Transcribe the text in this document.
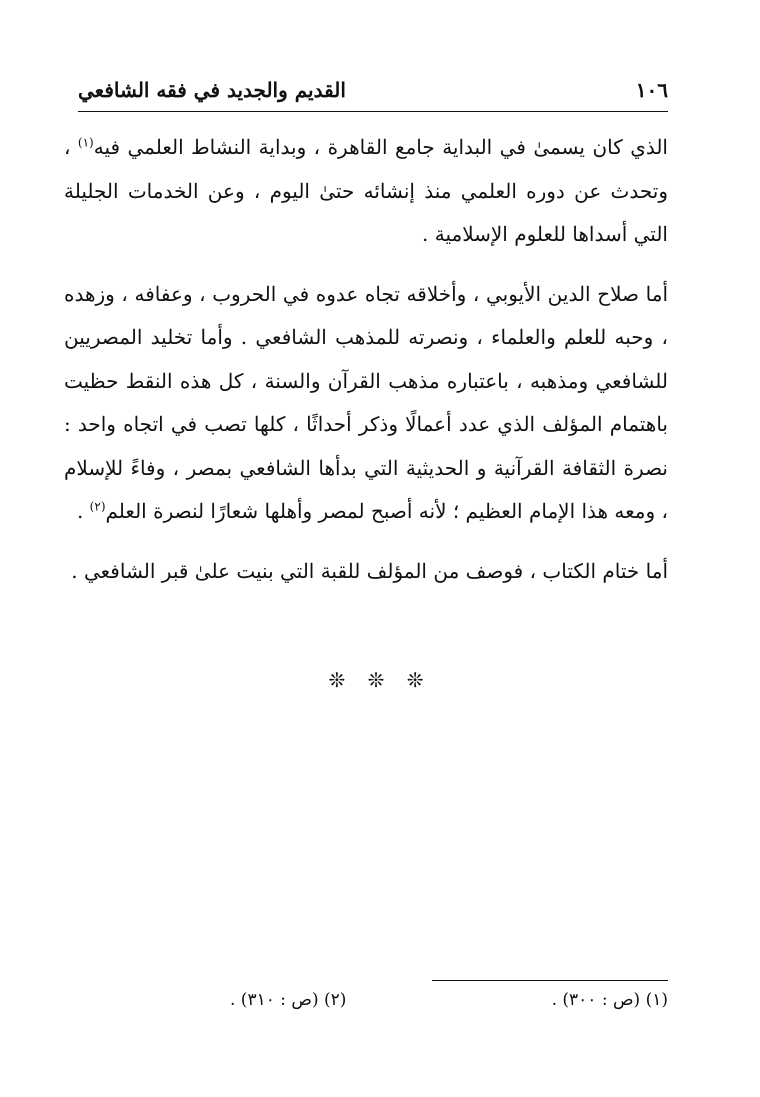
١٠٦
القديم والجديد في فقه الشافعي

الذي كان يسمىٰ في البداية جامع القاهرة ، وبداية النشاط العلمي فيه$^{(١)}$ ، وتحدث عن دوره العلمي منذ إنشائه حتىٰ اليوم ، وعن الخدمات الجليلة التي أسداها للعلوم الإسلامية .

أما صلاح الدين الأيوبي ، وأخلاقه تجاه عدوه في الحروب ، وعفافه ، وزهده ، وحبه للعلم والعلماء ، ونصرته للمذهب الشافعي . وأما تخليد المصريين للشافعي ومذهبه ، باعتباره مذهب القرآن والسنة ، كل هذه النقط حظيت باهتمام المؤلف الذي عدد أعمالًا وذكر أحداثًا ، كلها تصب في اتجاه واحد : نصرة الثقافة القرآنية و الحديثية التي بدأها الشافعي بمصر ، وفاءً للإسلام ، ومعه هذا الإمام العظيم ؛ لأنه أصبح لمصر وأهلها شعارًا لنصرة العلم$^{(٢)}$ .

أما ختام الكتاب ، فوصف من المؤلف للقبة التي بنيت علىٰ قبر الشافعي .

❊ ❊ ❊
(١) (ص : ٣٠٠) .
(٢) (ص : ٣١٠) .
